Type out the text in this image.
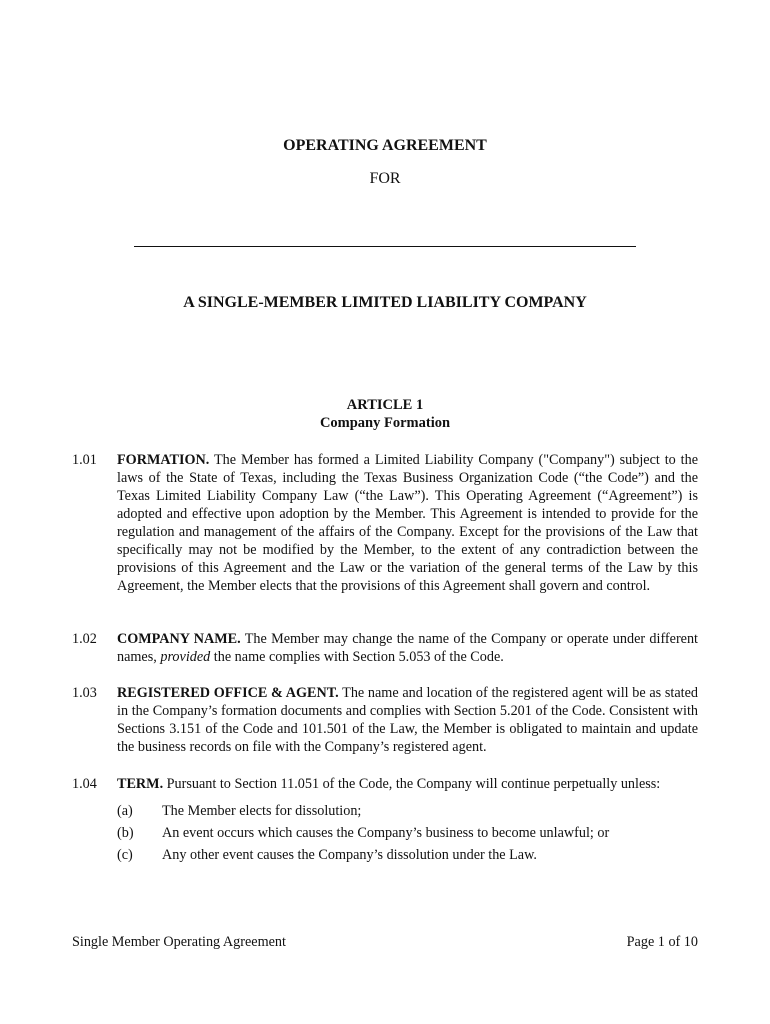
OPERATING AGREEMENT
FOR
A SINGLE-MEMBER LIMITED LIABILITY COMPANY
ARTICLE 1
Company Formation
1.01	FORMATION. The Member has formed a Limited Liability Company ("Company") subject to the laws of the State of Texas, including the Texas Business Organization Code (“the Code”) and the Texas Limited Liability Company Law (“the Law”). This Operating Agreement (“Agreement”) is adopted and effective upon adoption by the Member. This Agreement is intended to provide for the regulation and management of the affairs of the Company. Except for the provisions of the Law that specifically may not be modified by the Member, to the extent of any contradiction between the provisions of this Agreement and the Law or the variation of the general terms of the Law by this Agreement, the Member elects that the provisions of this Agreement shall govern and control.
1.02	COMPANY NAME. The Member may change the name of the Company or operate under different names, provided the name complies with Section 5.053 of the Code.
1.03	REGISTERED OFFICE & AGENT. The name and location of the registered agent will be as stated in the Company’s formation documents and complies with Section 5.201 of the Code. Consistent with Sections 3.151 of the Code and 101.501 of the Law, the Member is obligated to maintain and update the business records on file with the Company’s registered agent.
1.04	TERM. Pursuant to Section 11.051 of the Code, the Company will continue perpetually unless:
(a) The Member elects for dissolution;
(b) An event occurs which causes the Company’s business to become unlawful; or
(c) Any other event causes the Company’s dissolution under the Law.
Single Member Operating Agreement	Page 1 of 10
